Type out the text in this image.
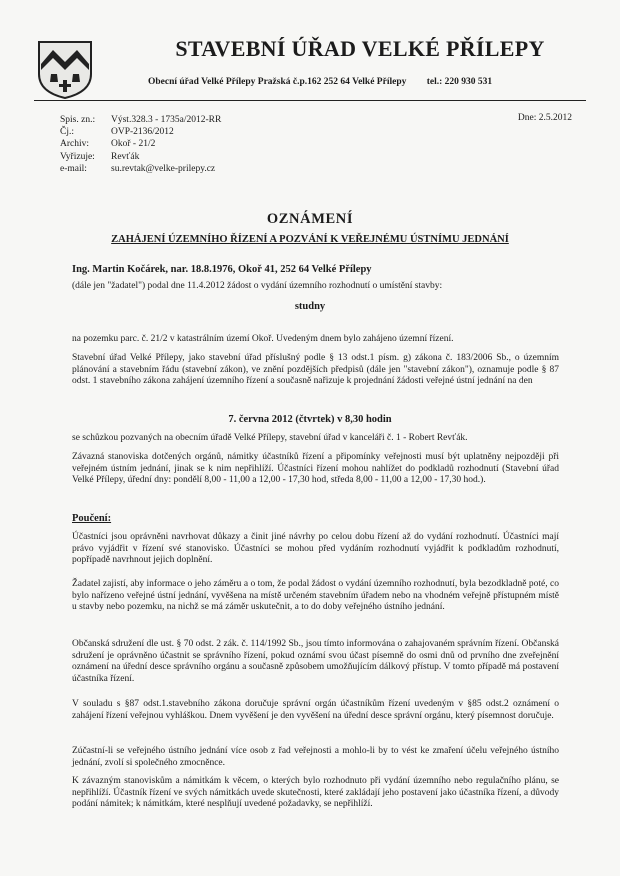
STAVEBNÍ ÚŘAD VELKÉ PŘÍLEPY
Obecní úřad Velké Přílepy Pražská č.p.162 252 64 Velké Přílepy tel.: 220 930 531
Spis. zn.:	Výst.328.3 - 1735a/2012-RR
Čj.:	OVP-2136/2012
Archiv:	Okoř - 21/2
Vyřizuje:	Revťák
e-mail:	su.revtak@velke-prilepy.cz
Dne: 2.5.2012
OZNÁMENÍ
ZAHÁJENÍ ÚZEMNÍHO ŘÍZENÍ A POZVÁNÍ K VEŘEJNÉMU ÚSTNÍMU JEDNÁNÍ
Ing. Martin Kočárek, nar. 18.8.1976, Okoř 41, 252 64 Velké Přílepy
(dále jen "žadatel") podal dne 11.4.2012 žádost o vydání územního rozhodnutí o umístění stavby:
studny
na pozemku parc. č. 21/2 v katastrálním území Okoř. Uvedeným dnem bylo zahájeno územní řízení.
Stavební úřad Velké Přílepy, jako stavební úřad příslušný podle § 13 odst.1 písm. g) zákona č. 183/2006 Sb., o územním plánování a stavebním řádu (stavební zákon), ve znění pozdějších předpisů (dále jen "stavební zákon"), oznamuje podle § 87 odst. 1 stavebního zákona zahájení územního řízení a současně nařizuje k projednání žádosti veřejné ústní jednání na den
7. června 2012 (čtvrtek) v 8,30 hodin
se schůzkou pozvaných na obecním úřadě Velké Přílepy, stavební úřad v kanceláři č. 1 - Robert Revťák.
Závazná stanoviska dotčených orgánů, námitky účastníků řízení a připomínky veřejnosti musí být uplatněny nejpozději při veřejném ústním jednání, jinak se k nim nepřihlíží. Účastníci řízení mohou nahlížet do podkladů rozhodnutí (Stavební úřad Velké Přílepy, úřední dny: pondělí 8,00 - 11,00 a 12,00 - 17,30 hod, středa 8,00 - 11,00 a 12,00 - 17,30 hod.).
Poučení:
Účastníci jsou oprávněni navrhovat důkazy a činit jiné návrhy po celou dobu řízení až do vydání rozhodnutí. Účastníci mají právo vyjádřit v řízení své stanovisko. Účastníci se mohou před vydáním rozhodnutí vyjádřit k podkladům rozhodnutí, popřípadě navrhnout jejich doplnění.
Žadatel zajistí, aby informace o jeho záměru a o tom, že podal žádost o vydání územního rozhodnutí, byla bezodkladně poté, co bylo nařízeno veřejné ústní jednání, vyvěšena na místě určeném stavebním úřadem nebo na vhodném veřejně přístupném místě u stavby nebo pozemku, na nichž se má záměr uskutečnit, a to do doby veřejného ústního jednání.
Občanská sdružení dle ust. § 70 odst. 2 zák. č. 114/1992 Sb., jsou tímto informována o zahajovaném správním řízení. Občanská sdružení je oprávněno účastnit se správního řízení, pokud oznámí svou účast písemně do osmi dnů od prvního dne zveřejnění oznámení na úřední desce správního orgánu a současně způsobem umožňujícím dálkový přístup. V tomto případě má postavení účastníka řízení.
V souladu s §87 odst.1.stavebního zákona doručuje správní orgán účastníkům řízení uvedeným v §85 odst.2 oznámení o zahájení řízení veřejnou vyhláškou. Dnem vyvěšení je den vyvěšení na úřední desce správní orgánu, který písemnost doručuje.
Zúčastní-li se veřejného ústního jednání více osob z řad veřejnosti a mohlo-li by to vést ke zmaření účelu veřejného ústního jednání, zvolí si společného zmocněnce.
K závazným stanoviskům a námitkám k věcem, o kterých bylo rozhodnuto při vydání územního nebo regulačního plánu, se nepřihlíží. Účastník řízení ve svých námitkách uvede skutečnosti, které zakládají jeho postavení jako účastníka řízení, a důvody podání námitek; k námitkám, které nesplňují uvedené požadavky, se nepřihlíží.
